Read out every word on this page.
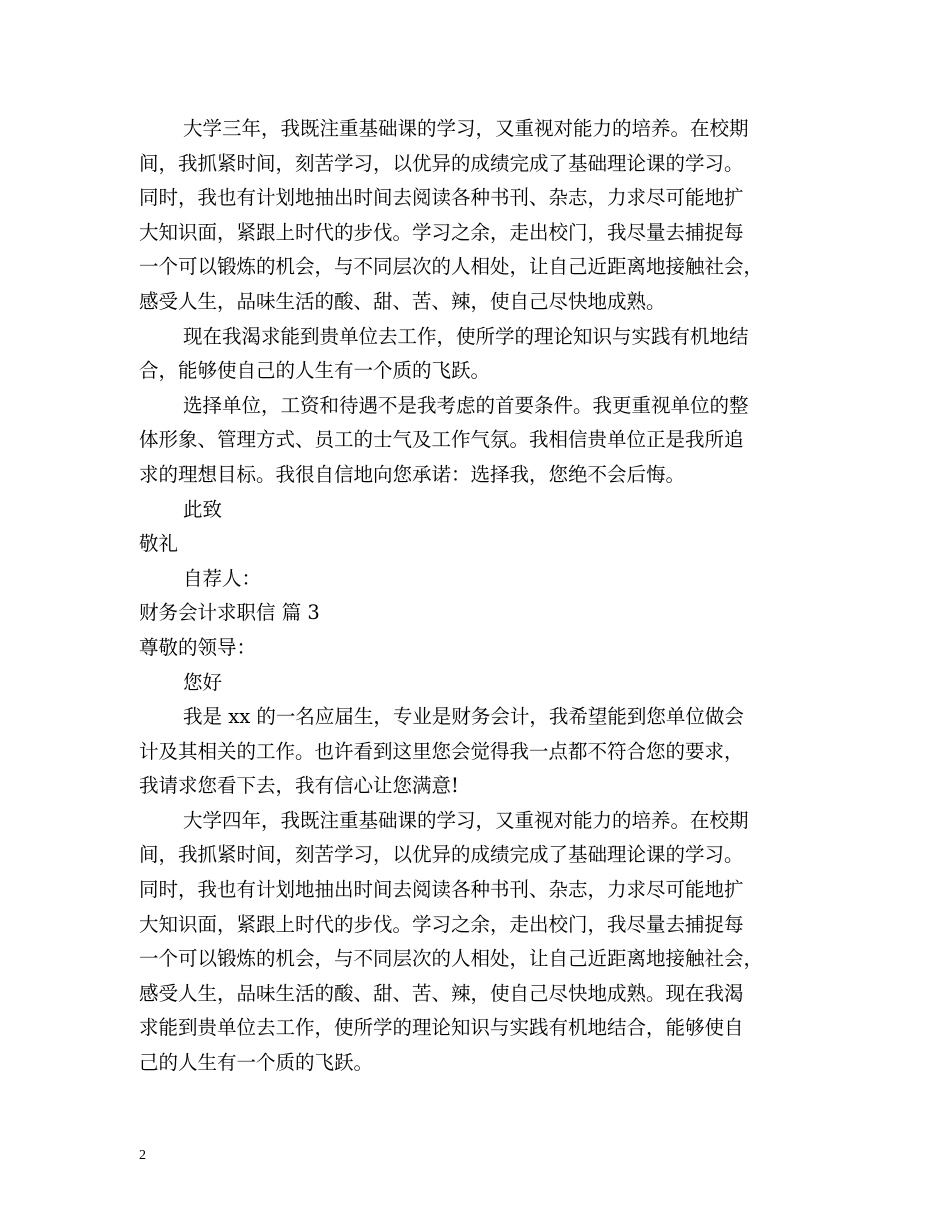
大学三年，我既注重基础课的学习，又重视对能力的培养。在校期
间，我抓紧时间，刻苦学习，以优异的成绩完成了基础理论课的学习。
同时，我也有计划地抽出时间去阅读各种书刊、杂志，力求尽可能地扩
大知识面，紧跟上时代的步伐。学习之余，走出校门，我尽量去捕捉每
一个可以锻炼的机会，与不同层次的人相处，让自己近距离地接触社会，
感受人生，品味生活的酸、甜、苦、辣，使自己尽快地成熟。
现在我渴求能到贵单位去工作，使所学的理论知识与实践有机地结
合，能够使自己的人生有一个质的飞跃。
选择单位，工资和待遇不是我考虑的首要条件。我更重视单位的整
体形象、管理方式、员工的士气及工作气氛。我相信贵单位正是我所追
求的理想目标。我很自信地向您承诺：选择我，您绝不会后悔。
此致
敬礼
自荐人：
财务会计求职信 篇 3
尊敬的领导：
您好
我是 xx 的一名应届生，专业是财务会计，我希望能到您单位做会
计及其相关的工作。也许看到这里您会觉得我一点都不符合您的要求，
我请求您看下去，我有信心让您满意!
大学四年，我既注重基础课的学习，又重视对能力的培养。在校期
间，我抓紧时间，刻苦学习，以优异的成绩完成了基础理论课的学习。
同时，我也有计划地抽出时间去阅读各种书刊、杂志，力求尽可能地扩
大知识面，紧跟上时代的步伐。学习之余，走出校门，我尽量去捕捉每
一个可以锻炼的机会，与不同层次的人相处，让自己近距离地接触社会，
感受人生，品味生活的酸、甜、苦、辣，使自己尽快地成熟。现在我渴
求能到贵单位去工作，使所学的理论知识与实践有机地结合，能够使自
己的人生有一个质的飞跃。
2
